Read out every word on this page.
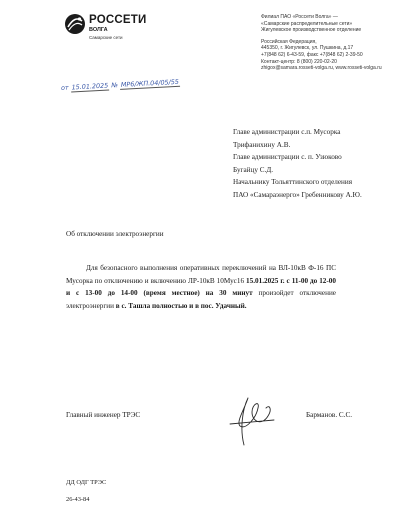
РОССЕТИ
ВОЛГА
Самарские сети
Филиал ПАО «Россети Волга» —
«Самарские распределительные сети»
Жигулевское производственное отделение
Российская Федерация,
445350, г. Жигулевск, ул. Пушкина, д.17
+7(848 62) 6-43-59, факс +7(848 62) 2-39-50
Контакт-центр: 8 (800) 220-02-20
zhigox@samara.rosseti-volga.ru, www.rosseti-volga.ru
от 15.01.2025 № МР6/ЖП.04/05/55
Главе администрации с.п. Мусорка
Трифанихину А.В.
Главе администрации с. п. Узюково
Бугайцу С.Д.
Начальнику Тольяттинского отделения
ПАО «Самараэнерго» Гребенникову А.Ю.
Об отключении электроэнергии
Для безопасного выполнения оперативных переключений на ВЛ-10кВ Ф-16 ПС Мусорка по отключению и включению ЛР-10кВ 10Мус16 15.01.2025 г. с 11-00 до 12-00 и с 13-00 до 14-00 (время местное) на 30 минут произойдет отключение электроэнергии в с. Ташла полностью и в пос. Удачный.
Главный инженер ТРЭС	Барманов. С.С.
ДД ОДГ ТРЭС
26-43-84
